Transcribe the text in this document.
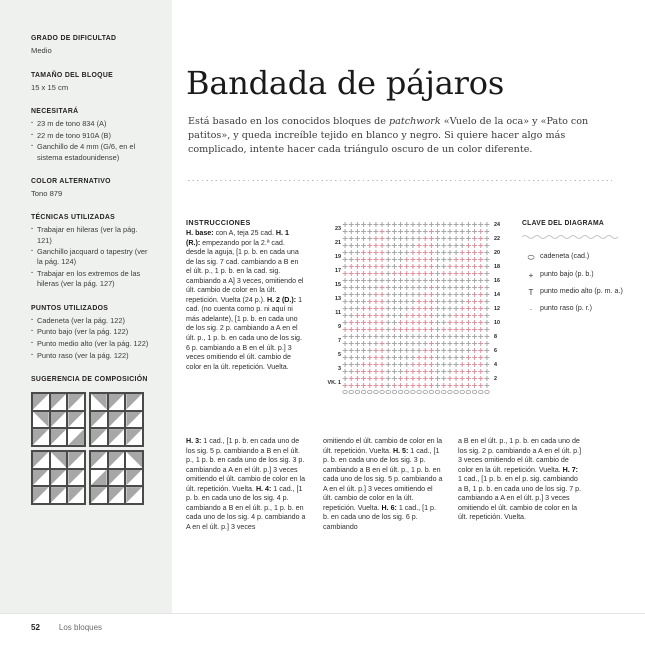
GRADO DE DIFICULTAD
Medio
TAMAÑO DEL BLOQUE
15 x 15 cm
NECESITARÁ
· 23 m de tono 834 (A)
· 22 m de tono 910A (B)
· Ganchillo de 4 mm (G/6, en el sistema estadounidense)
COLOR ALTERNATIVO
Tono 879
TÉCNICAS UTILIZADAS
· Trabajar en hileras (ver la pág. 121)
· Ganchillo jacquard o tapestry (ver la pág. 124)
· Trabajar en los extremos de las hileras (ver la pág. 127)
PUNTOS UTILIZADOS
· Cadeneta (ver la pág. 122)
· Punto bajo (ver la pág. 122)
· Punto medio alto (ver la pág. 122)
· Punto raso (ver la pág. 122)
SUGERENCIA DE COMPOSICIÓN
Bandada de pájaros

Está basado en los conocidos bloques de patchwork «Vuelo de la oca» y «Pato con patitos», y queda increíble tejido en blanco y negro. Si quiere hacer algo más complicado, intente hacer cada triángulo oscuro de un color diferente.

INSTRUCCIONES
H. base: con A, teja 25 cad. H. 1 (R.): empezando por la 2.ª cad. desde la aguja, [1 p. b. en cada una de las sig. 7 cad. cambiando a B en el últ. p., 1 p. b. en la cad. sig. cambiando a A] 3 veces, omitiendo el últ. cambio de color en la últ. repetición. Vuelta (24 p.). H. 2 (D.): 1 cad. (no cuenta como p. ni aquí ni más adelante), [1 p. b. en cada uno de los sig. 2 p. cambiando a A en el últ. p., 1 p. b. en cada uno de los sig. 6 p. cambiando a B en el últ. p.] 3 veces omitiendo el últ. cambio de color en la últ. repetición. Vuelta.
H. 3: 1 cad., [1 p. b. en cada uno de los sig. 5 p. cambiando a B en el últ. p., 1 p. b. en cada uno de los sig. 3 p. cambiando a A en el últ. p.] 3 veces omitiendo el últ. cambio de color en la últ. repetición. Vuelta. H. 4: 1 cad., [1 p. b. en cada uno de los sig. 4 p. cambiando a B en el últ. p., 1 p. b. en cada uno de los sig. 4 p. cambiando a A en el últ. p.] 3 veces
omitiendo el últ. cambio de color en la últ. repetición. Vuelta. H. 5: 1 cad., [1 p. b. en cada uno de los sig. 3 p. cambiando a B en el últ. p., 1 p. b. en cada uno de los sig. 5 p. cambiando a A en el últ. p.] 3 veces omitiendo el últ. cambio de color en la últ. repetición. Vuelta. H. 6: 1 cad., [1 p. b. en cada uno de los sig. 6 p. cambiando
a B en el últ. p., 1 p. b. en cada uno de los sig. 2 p. cambiando a A en el últ. p.] 3 veces omitiendo el últ. cambio de color en la últ. repetición. Vuelta. H. 7: 1 cad., [1 p. b. en el p. sig. cambiando a B, 1 p. b. en cada uno de los sig. 7 p. cambiando a A en el últ. p.] 3 veces omitiendo el últ. cambio de color en la últ. repetición. Vuelta.
23
21
19
17
15
13
11
9
7
5
3
VK. 1
24
22
20
18
16
14
12
10
8
6
4
2
CLAVE DEL DIAGRAMA
⬭ cadeneta (cad.)
+ punto bajo (p. b.)
T punto medio alto (p. m. a.)
·	punto raso (p. r.)
52 Los bloques
